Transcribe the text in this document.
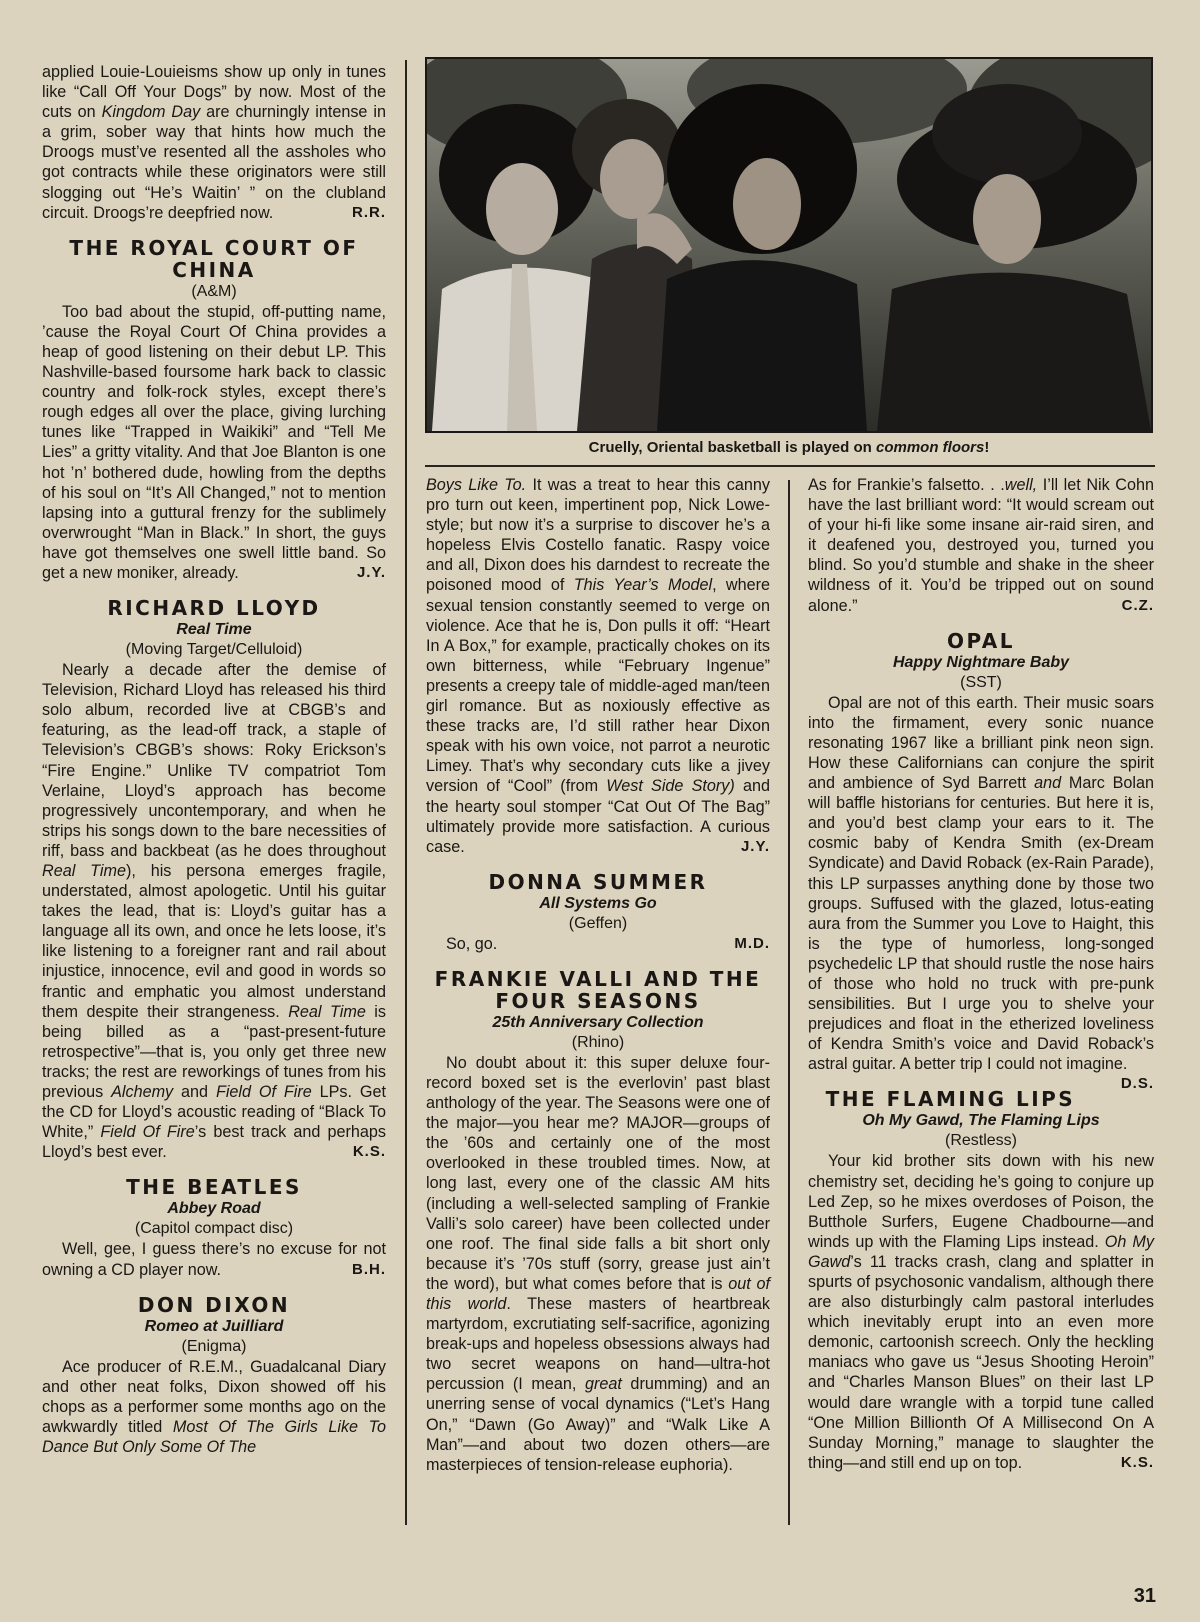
applied Louie-Louieisms show up only in tunes like “Call Off Your Dogs” by now. Most of the cuts on Kingdom Day are churningly intense in a grim, sober way that hints how much the Droogs must’ve resented all the assholes who got contracts while these originators were still slogging out “He’s Waitin’ ” on the clubland circuit. Droogs’re deepfried now.	R.R.

THE ROYAL COURT OF CHINA
(A&M)

Too bad about the stupid, off-putting name, ’cause the Royal Court Of China provides a heap of good listening on their debut LP. This Nashville-based foursome hark back to classic country and folk-rock styles, except there’s rough edges all over the place, giving lurching tunes like “Trapped in Waikiki” and “Tell Me Lies” a gritty vitality. And that Joe Blanton is one hot ’n’ bothered dude, howling from the depths of his soul on “It’s All Changed,” not to mention lapsing into a guttural frenzy for the sublimely overwrought “Man in Black.” In short, the guys have got themselves one swell little band. So get a new moniker, already.	J.Y.

RICHARD LLOYD
Real Time
(Moving Target/Celluloid)

Nearly a decade after the demise of Television, Richard Lloyd has released his third solo album, recorded live at CBGB’s and featuring, as the lead-off track, a staple of Television’s CBGB’s shows: Roky Erickson’s “Fire Engine.” Unlike TV compatriot Tom Verlaine, Lloyd’s approach has become progressively uncontemporary, and when he strips his songs down to the bare necessities of riff, bass and backbeat (as he does throughout Real Time), his persona emerges fragile, understated, almost apologetic. Until his guitar takes the lead, that is: Lloyd’s guitar has a language all its own, and once he lets loose, it’s like listening to a foreigner rant and rail about injustice, innocence, evil and good in words so frantic and emphatic you almost understand them despite their strangeness. Real Time is being billed as a “past-present-future retrospective”—that is, you only get three new tracks; the rest are reworkings of tunes from his previous Alchemy and Field Of Fire LPs. Get the CD for Lloyd’s acoustic reading of “Black To White,” Field Of Fire’s best track and perhaps Lloyd’s best ever.	K.S.

THE BEATLES
Abbey Road
(Capitol compact disc)

Well, gee, I guess there’s no excuse for not owning a CD player now.	B.H.

DON DIXON
Romeo at Juilliard
(Enigma)

Ace producer of R.E.M., Guadalcanal Diary and other neat folks, Dixon showed off his chops as a performer some months ago on the awkwardly titled Most Of The Girls Like To Dance But Only Some Of The

Cruelly, Oriental basketball is played on common floors!

Boys Like To. It was a treat to hear this canny pro turn out keen, impertinent pop, Nick Lowe-style; but now it’s a surprise to discover he’s a hopeless Elvis Costello fanatic. Raspy voice and all, Dixon does his darndest to recreate the poisoned mood of This Year’s Model, where sexual tension constantly seemed to verge on violence. Ace that he is, Don pulls it off: “Heart In A Box,” for example, practically chokes on its own bitterness, while “February Ingenue” presents a creepy tale of middle-aged man/teen girl romance. But as noxiously effective as these tracks are, I’d still rather hear Dixon speak with his own voice, not parrot a neurotic Limey. That’s why secondary cuts like a jivey version of “Cool” (from West Side Story) and the hearty soul stomper “Cat Out Of The Bag” ultimately provide more satisfaction. A curious case.	J.Y.

DONNA SUMMER
All Systems Go
(Geffen)

So, go.	M.D.

FRANKIE VALLI AND THE FOUR SEASONS
25th Anniversary Collection
(Rhino)

No doubt about it: this super deluxe four-record boxed set is the everlovin’ past blast anthology of the year. The Seasons were one of the major—you hear me? MAJOR—groups of the ’60s and certainly one of the most overlooked in these troubled times. Now, at long last, every one of the classic AM hits (including a well-selected sampling of Frankie Valli’s solo career) have been collected under one roof. The final side falls a bit short only because it’s ’70s stuff (sorry, grease just ain’t the word), but what comes before that is out of this world. These masters of heartbreak martyrdom, excrutiating self-sacrifice, agonizing break-ups and hopeless obsessions always had two secret weapons on hand—ultra-hot percussion (I mean, great drumming) and an unerring sense of vocal dynamics (“Let’s Hang On,” “Dawn (Go Away)” and “Walk Like A Man”—and about two dozen others—are masterpieces of tension-release euphoria).

As for Frankie’s falsetto. . .well, I’ll let Nik Cohn have the last brilliant word: “It would scream out of your hi-fi like some insane air-raid siren, and it deafened you, destroyed you, turned you blind. So you’d stumble and shake in the sheer wildness of it. You’d be tripped out on sound alone.”	C.Z.

OPAL
Happy Nightmare Baby
(SST)

Opal are not of this earth. Their music soars into the firmament, every sonic nuance resonating 1967 like a brilliant pink neon sign. How these Californians can conjure the spirit and ambience of Syd Barrett and Marc Bolan will baffle historians for centuries. But here it is, and you’d best clamp your ears to it. The cosmic baby of Kendra Smith (ex-Dream Syndicate) and David Roback (ex-Rain Parade), this LP surpasses anything done by those two groups. Suffused with the glazed, lotus-eating aura from the Summer you Love to Haight, this is the type of humorless, long-songed psychedelic LP that should rustle the nose hairs of those who hold no truck with pre-punk sensibilities. But I urge you to shelve your prejudices and float in the etherized loveliness of Kendra Smith’s voice and David Roback’s astral guitar. A better trip I could not imagine.
D.S.

THE FLAMING LIPS
Oh My Gawd, The Flaming Lips
(Restless)

Your kid brother sits down with his new chemistry set, deciding he’s going to conjure up Led Zep, so he mixes overdoses of Poison, the Butthole Surfers, Eugene Chadbourne—and winds up with the Flaming Lips instead. Oh My Gawd’s 11 tracks crash, clang and splatter in spurts of psychosonic vandalism, although there are also disturbingly calm pastoral interludes which inevitably erupt into an even more demonic, cartoonish screech. Only the heckling maniacs who gave us “Jesus Shooting Heroin” and “Charles Manson Blues” on their last LP would dare wrangle with a torpid tune called “One Million Billionth Of A Millisecond On A Sunday Morning,” manage to slaughter the thing—and still end up on top.	K.S.

31
